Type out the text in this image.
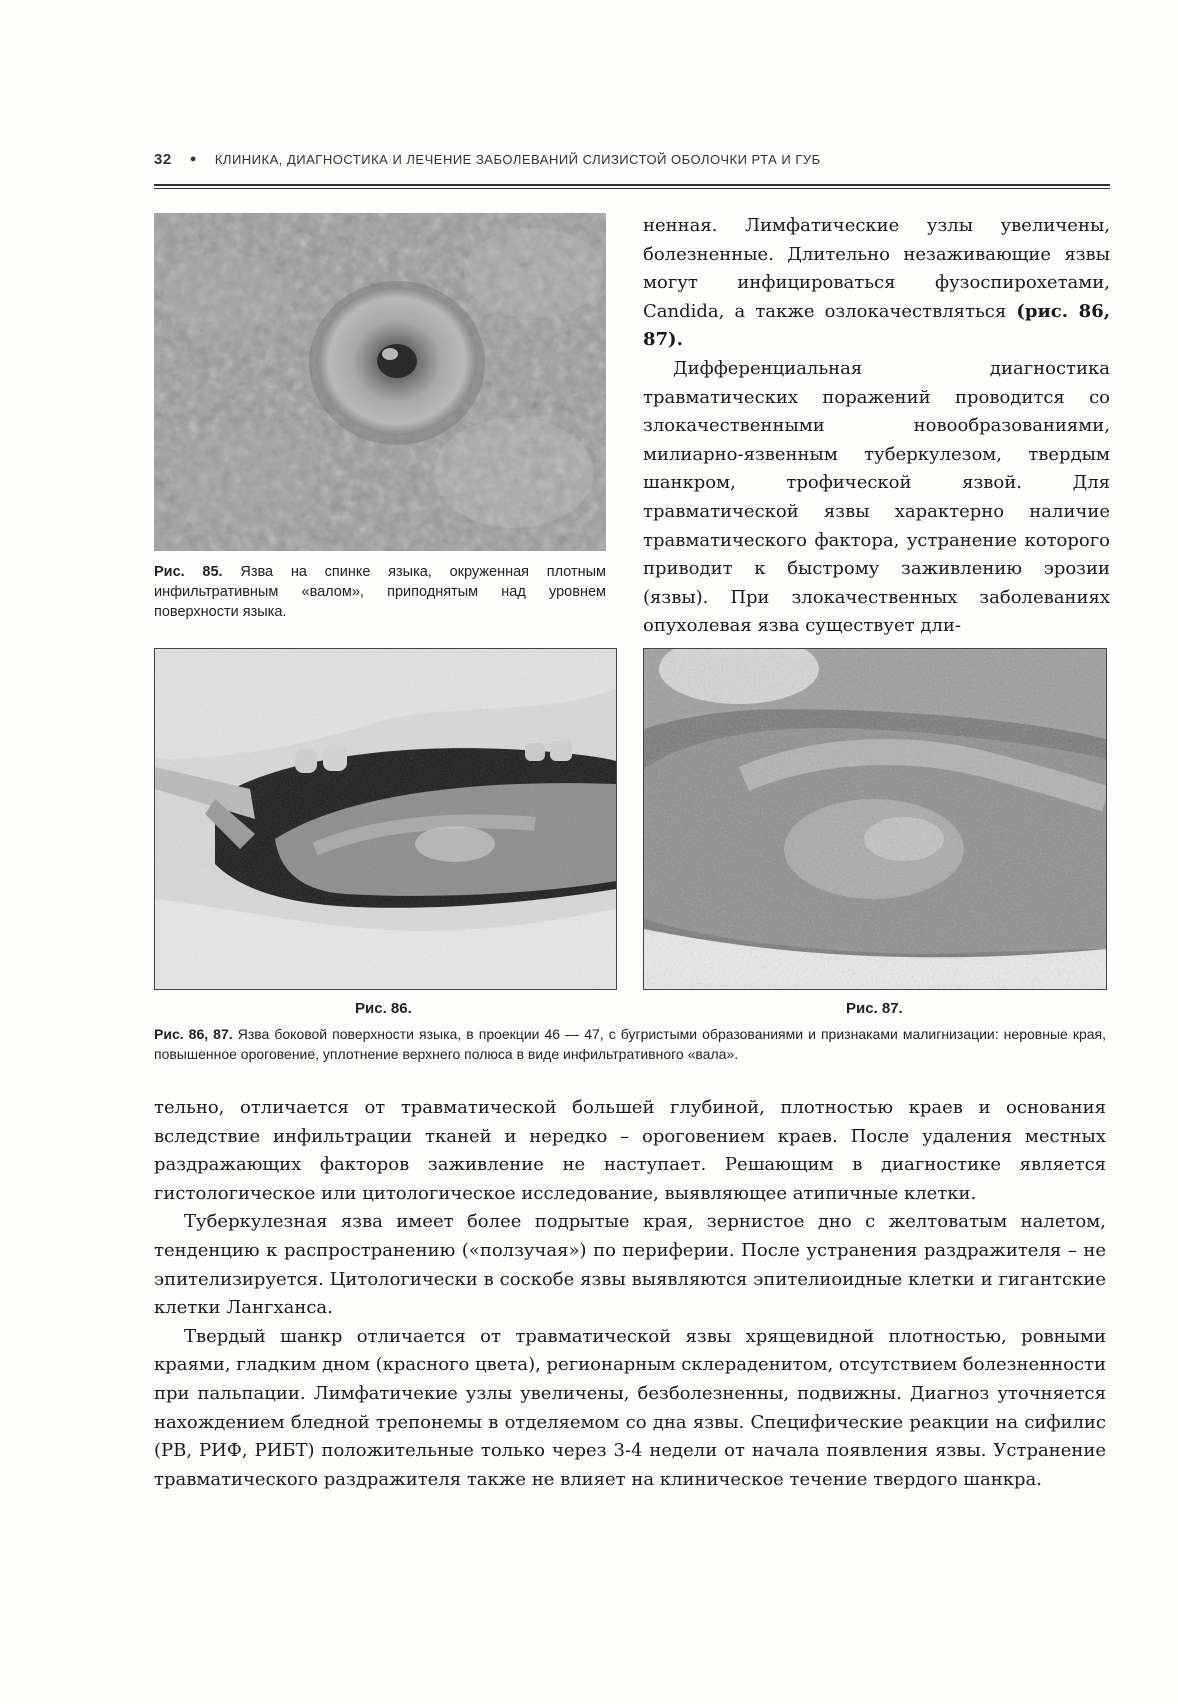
32 ● КЛИНИКА, ДИАГНОСТИКА И ЛЕЧЕНИЕ ЗАБОЛЕВАНИЙ СЛИЗИСТОЙ ОБОЛОЧКИ РТА И ГУБ
Рис. 85. Язва на спинке языка, окруженная плотным инфильтративным «валом», приподнятым над уровнем поверхности языка.

ненная. Лимфатические узлы увеличены, болезненные. Длительно незаживающие язвы могут инфицироваться фузоспирохетами, Candida, а также озлокачествляться (рис. 86, 87).

Дифференциальная диагностика травматических поражений проводится со злокачественными новообразованиями, милиарно-язвенным туберкулезом, твердым шанкром, трофической язвой. Для травматической язвы характерно наличие травматического фактора, устранение которого приводит к быстрому заживлению эрозии (язвы). При злокачественных заболеваниях опухолевая язва существует дли-

Рис. 86.	Рис. 87.
Рис. 86, 87. Язва боковой поверхности языка, в проекции 46 — 47, с бугристыми образованиями и признаками малигнизации: неровные края, повышенное ороговение, уплотнение верхнего полюса в виде инфильтративного «вала».

тельно, отличается от травматической большей глубиной, плотностью краев и основания вследствие инфильтрации тканей и нередко – ороговением краев. После удаления местных раздражающих факторов заживление не наступает. Решающим в диагностике является гистологическое или цитологическое исследование, выявляющее атипичные клетки.

Туберкулезная язва имеет более подрытые края, зернистое дно с желтоватым налетом, тенденцию к распространению («ползучая») по периферии. После устранения раздражителя – не эпителизируется. Цитологически в соскобе язвы выявляются эпителиоидные клетки и гигантские клетки Лангханса.

Твердый шанкр отличается от травматической язвы хрящевидной плотностью, ровными краями, гладким дном (красного цвета), регионарным склераденитом, отсутствием болезненности при пальпации. Лимфатичекие узлы увеличены, безболезненны, подвижны. Диагноз уточняется нахождением бледной трепонемы в отделяемом со дна язвы. Специфические реакции на сифилис (РВ, РИФ, РИБТ) положительные только через 3-4 недели от начала появления язвы. Устранение травматического раздражителя также не влияет на клиническое течение твердого шанкра.
